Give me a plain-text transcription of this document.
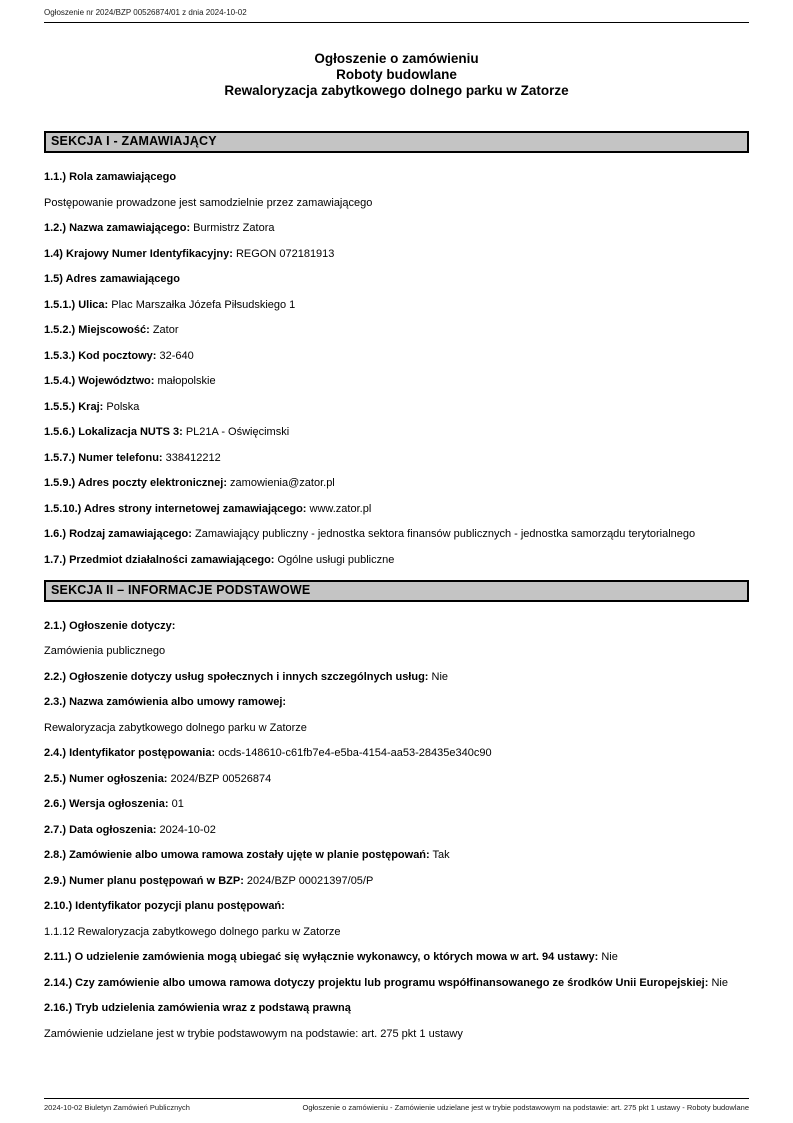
Ogłoszenie nr 2024/BZP 00526874/01 z dnia 2024-10-02
Ogłoszenie o zamówieniu
Roboty budowlane
Rewaloryzacja zabytkowego dolnego parku w Zatorze
SEKCJA I - ZAMAWIAJĄCY

1.1.) Rola zamawiającego

Postępowanie prowadzone jest samodzielnie przez zamawiającego

1.2.) Nazwa zamawiającego: Burmistrz Zatora

1.4) Krajowy Numer Identyfikacyjny: REGON 072181913

1.5) Adres zamawiającego

1.5.1.) Ulica: Plac Marszałka Józefa Piłsudskiego 1

1.5.2.) Miejscowość: Zator

1.5.3.) Kod pocztowy: 32-640

1.5.4.) Województwo: małopolskie

1.5.5.) Kraj: Polska

1.5.6.) Lokalizacja NUTS 3: PL21A - Oświęcimski

1.5.7.) Numer telefonu: 338412212

1.5.9.) Adres poczty elektronicznej: zamowienia@zator.pl

1.5.10.) Adres strony internetowej zamawiającego: www.zator.pl

1.6.) Rodzaj zamawiającego: Zamawiający publiczny - jednostka sektora finansów publicznych - jednostka samorządu terytorialnego

1.7.) Przedmiot działalności zamawiającego: Ogólne usługi publiczne

SEKCJA II – INFORMACJE PODSTAWOWE

2.1.) Ogłoszenie dotyczy:

Zamówienia publicznego

2.2.) Ogłoszenie dotyczy usług społecznych i innych szczególnych usług: Nie

2.3.) Nazwa zamówienia albo umowy ramowej:

Rewaloryzacja zabytkowego dolnego parku w Zatorze

2.4.) Identyfikator postępowania: ocds-148610-c61fb7e4-e5ba-4154-aa53-28435e340c90

2.5.) Numer ogłoszenia: 2024/BZP 00526874

2.6.) Wersja ogłoszenia: 01

2.7.) Data ogłoszenia: 2024-10-02

2.8.) Zamówienie albo umowa ramowa zostały ujęte w planie postępowań: Tak

2.9.) Numer planu postępowań w BZP: 2024/BZP 00021397/05/P

2.10.) Identyfikator pozycji planu postępowań:

1.1.12 Rewaloryzacja zabytkowego dolnego parku w Zatorze

2.11.) O udzielenie zamówienia mogą ubiegać się wyłącznie wykonawcy, o których mowa w art. 94 ustawy: Nie

2.14.) Czy zamówienie albo umowa ramowa dotyczy projektu lub programu współfinansowanego ze środków Unii Europejskiej: Nie

2.16.) Tryb udzielenia zamówienia wraz z podstawą prawną

Zamówienie udzielane jest w trybie podstawowym na podstawie: art. 275 pkt 1 ustawy

2024-10-02 Biuletyn Zamówień Publicznych	Ogłoszenie o zamówieniu - Zamówienie udzielane jest w trybie podstawowym na podstawie: art. 275 pkt 1 ustawy - Roboty budowlane
